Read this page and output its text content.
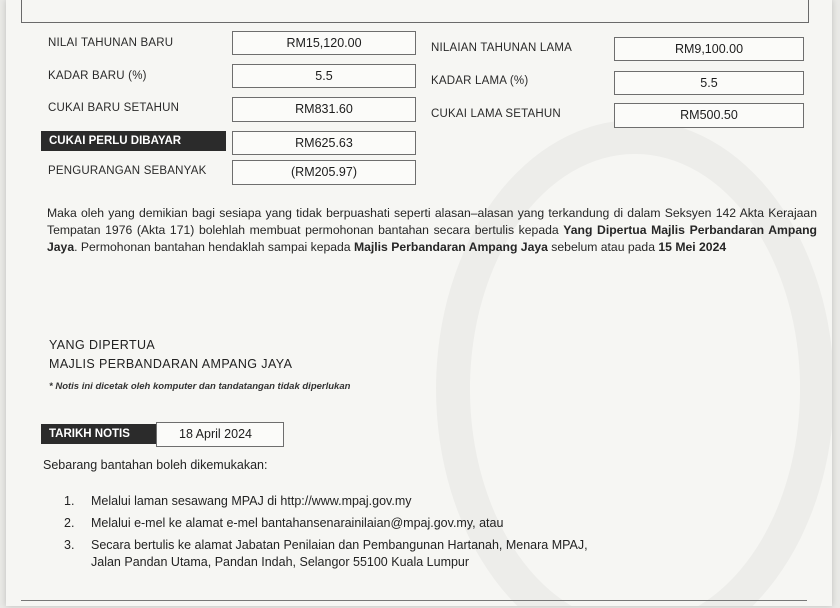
NILAI TAHUNAN BARU	RM15,120.00	NILAIAN TAHUNAN LAMA	RM9,100.00
KADAR BARU (%)	5.5	KADAR LAMA (%)	5.5
CUKAI BARU SETAHUN	RM831.60	CUKAI LAMA SETAHUN	RM500.50
CUKAI PERLU DIBAYAR	RM625.63
PENGURANGAN SEBANYAK	(RM205.97)
Maka oleh yang demikian bagi sesiapa yang tidak berpuashati seperti alasan–alasan yang terkandung di dalam Seksyen 142 Akta Kerajaan Tempatan 1976 (Akta 171) bolehlah membuat permohonan bantahan secara bertulis kepada Yang Dipertua Majlis Perbandaran Ampang Jaya. Permohonan bantahan hendaklah sampai kepada Majlis Perbandaran Ampang Jaya sebelum atau pada 15 Mei 2024
YANG DIPERTUA
MAJLIS PERBANDARAN AMPANG JAYA
* Notis ini dicetak oleh komputer dan tandatangan tidak diperlukan
TARIKH NOTIS	18 April 2024
Sebarang bantahan boleh dikemukakan:
1. Melalui laman sesawang MPAJ di http://www.mpaj.gov.my
2. Melalui e-mel ke alamat e-mel bantahansenarainilaian@mpaj.gov.my, atau
3. Secara bertulis ke alamat Jabatan Penilaian dan Pembangunan Hartanah, Menara MPAJ,
Jalan Pandan Utama, Pandan Indah, Selangor 55100 Kuala Lumpur
